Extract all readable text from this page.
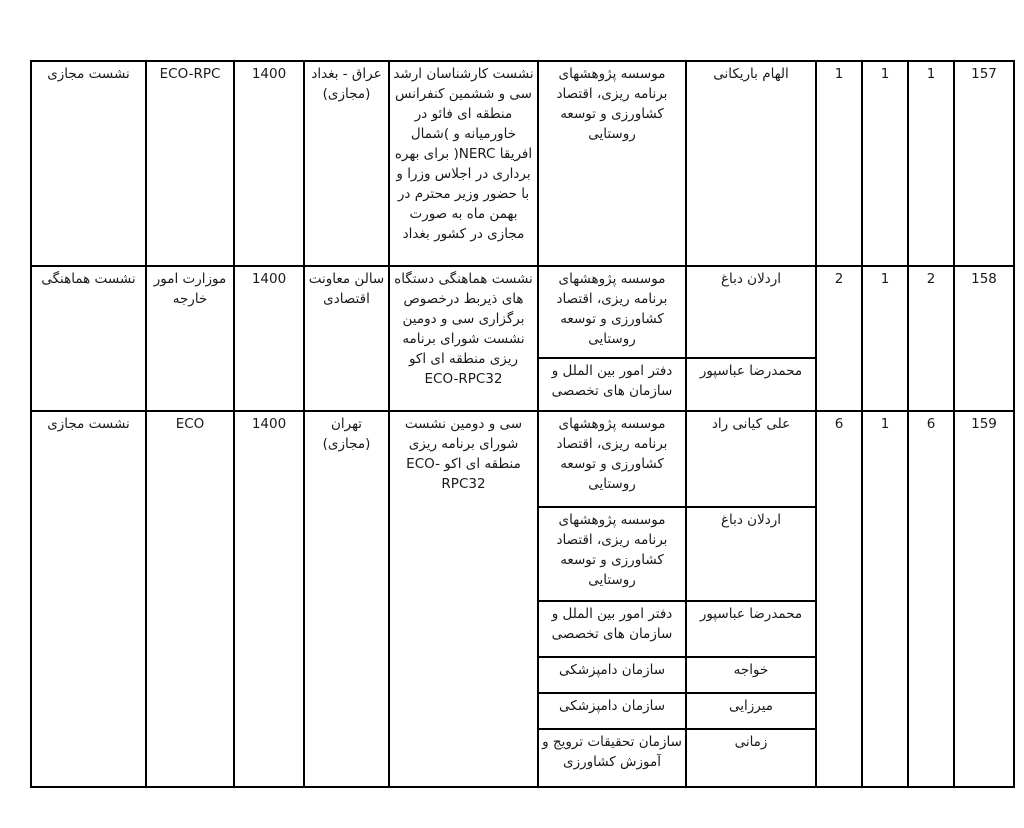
157	1	1	1	الهام باریکانی	موسسه پژوهشهای برنامه ریزی، اقتصاد کشاورزی و توسعه روستایی	نشست کارشناسان ارشد سی و ششمین کنفرانس منطقه ای فائو در خاورمیانه و )شمال افریقا NERC( برای بهره برداری در اجلاس وزرا و با حضور وزیر محترم در بهمن ماه به صورت مجازی در کشور بغداد	عراق - بغداد (مجازی)	1400	ECO-RPC	نشست مجازی
158	2	1	2	اردلان دباغ	موسسه پژوهشهای برنامه ریزی، اقتصاد کشاورزی و توسعه روستایی	نشست هماهنگی دستگاه های ذیربط درخصوص برگزاری سی و دومین نشست شورای برنامه ریزی منطقه ای اکو ECO-RPC32	سالن معاونت اقتصادی	1400	موزارت امور خارجه	نشست هماهنگی
				محمدرضا عباسپور	دفتر امور بین الملل و سازمان های تخصصی					
159	6	1	6	علی کیانی راد	موسسه پژوهشهای برنامه ریزی، اقتصاد کشاورزی و توسعه روستایی	سی و دومین نشست شورای برنامه ریزی منطقه ای اکو ECO-RPC32	تهران (مجازی)	1400	ECO	نشست مجازی
				اردلان دباغ	موسسه پژوهشهای برنامه ریزی، اقتصاد کشاورزی و توسعه روستایی					
				محمدرضا عباسپور	دفتر امور بین الملل و سازمان های تخصصی					
				خواجه	سازمان دامپزشکی					
				میرزایی	سازمان دامپزشکی					
				زمانی	سازمان تحقیقات ترویج و آموزش کشاورزی					
